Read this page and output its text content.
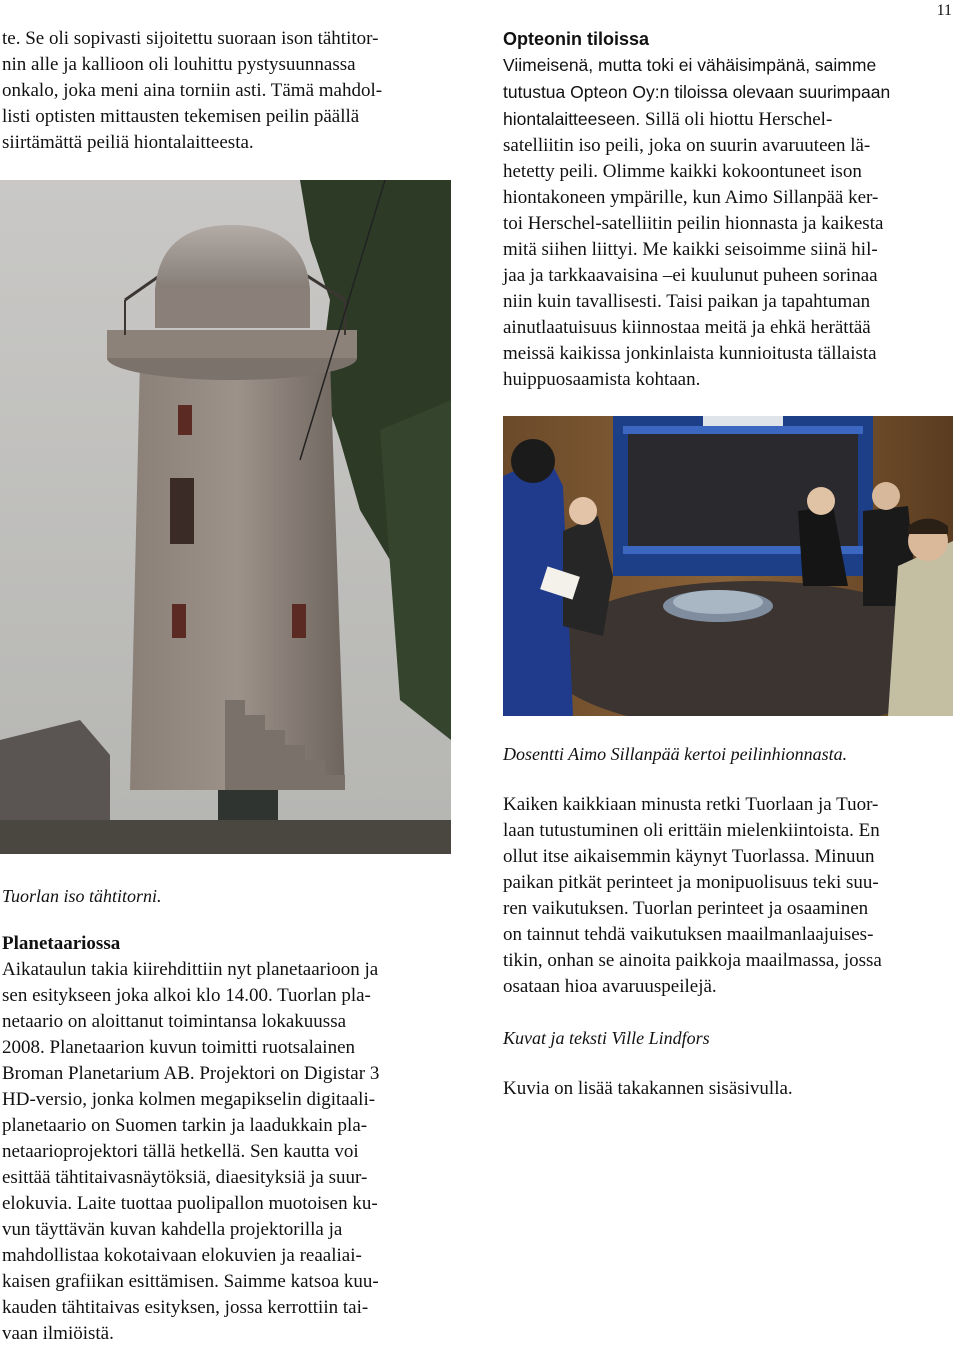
11

te. Se oli sopivasti sijoitettu suoraan ison tähtitor-
nin alle ja kallioon oli louhittu pystysuunnassa
onkalo, joka meni aina torniin asti. Tämä mahdol-
listi optisten mittausten tekemisen peilin päällä
siirtämättä peiliä hiontalaitteesta.

Tuorlan iso tähtitorni.

Planetaariossa

Aikataulun takia kiirehdittiin nyt planetaarioon ja
sen esitykseen joka alkoi klo 14.00. Tuorlan pla-
netaario on aloittanut toimintansa lokakuussa
2008. Planetaarion kuvun toimitti ruotsalainen
Broman Planetarium AB. Projektori on Digistar 3
HD-versio, jonka kolmen megapikselin digitaali-
planetaario on Suomen tarkin ja laadukkain pla-
netaarioprojektori tällä hetkellä. Sen kautta voi
esittää tähtitaivasnäytöksiä, diaesityksiä ja suur-
elokuvia. Laite tuottaa puolipallon muotoisen ku-
vun täyttävän kuvan kahdella projektorilla ja
mahdollistaa kokotaivaan elokuvien ja reaaliai-
kaisen grafiikan esittämisen. Saimme katsoa kuu-
kauden tähtitaivas esityksen, jossa kerrottiin tai-
vaan ilmiöistä.

Opteonin tiloissa

Viimeisenä, mutta toki ei vähäisimpänä, saimme
tutustua Opteon Oy:n tiloissa olevaan suurimpaan
hiontalaitteeseen. Sillä oli hiottu Herschel-
satelliitin iso peili, joka on suurin avaruuteen lä-
hetetty peili. Olimme kaikki kokoontuneet ison
hiontakoneen ympärille, kun Aimo Sillanpää ker-
toi Herschel-satelliitin peilin hionnasta ja kaikesta
mitä siihen liittyi. Me kaikki seisoimme siinä hil-
jaa ja tarkkaavaisina –ei kuulunut puheen sorinaa
niin kuin tavallisesti. Taisi paikan ja tapahtuman
ainutlaatuisuus kiinnostaa meitä ja ehkä herättää
meissä kaikissa jonkinlaista kunnioitusta tällaista
huippuosaamista kohtaan.

Dosentti Aimo Sillanpää kertoi peilinhionnasta.

Kaiken kaikkiaan minusta retki Tuorlaan ja Tuor-
laan tutustuminen oli erittäin mielenkiintoista. En
ollut itse aikaisemmin käynyt Tuorlassa. Minuun
paikan pitkät perinteet ja monipuolisuus teki suu-
ren vaikutuksen. Tuorlan perinteet ja osaaminen
on tainnut tehdä vaikutuksen maailmanlaajuises-
tikin, onhan se ainoita paikkoja maailmassa, jossa
osataan hioa avaruuspeilejä.

Kuvat ja teksti Ville Lindfors

Kuvia on lisää takakannen sisäsivulla.
